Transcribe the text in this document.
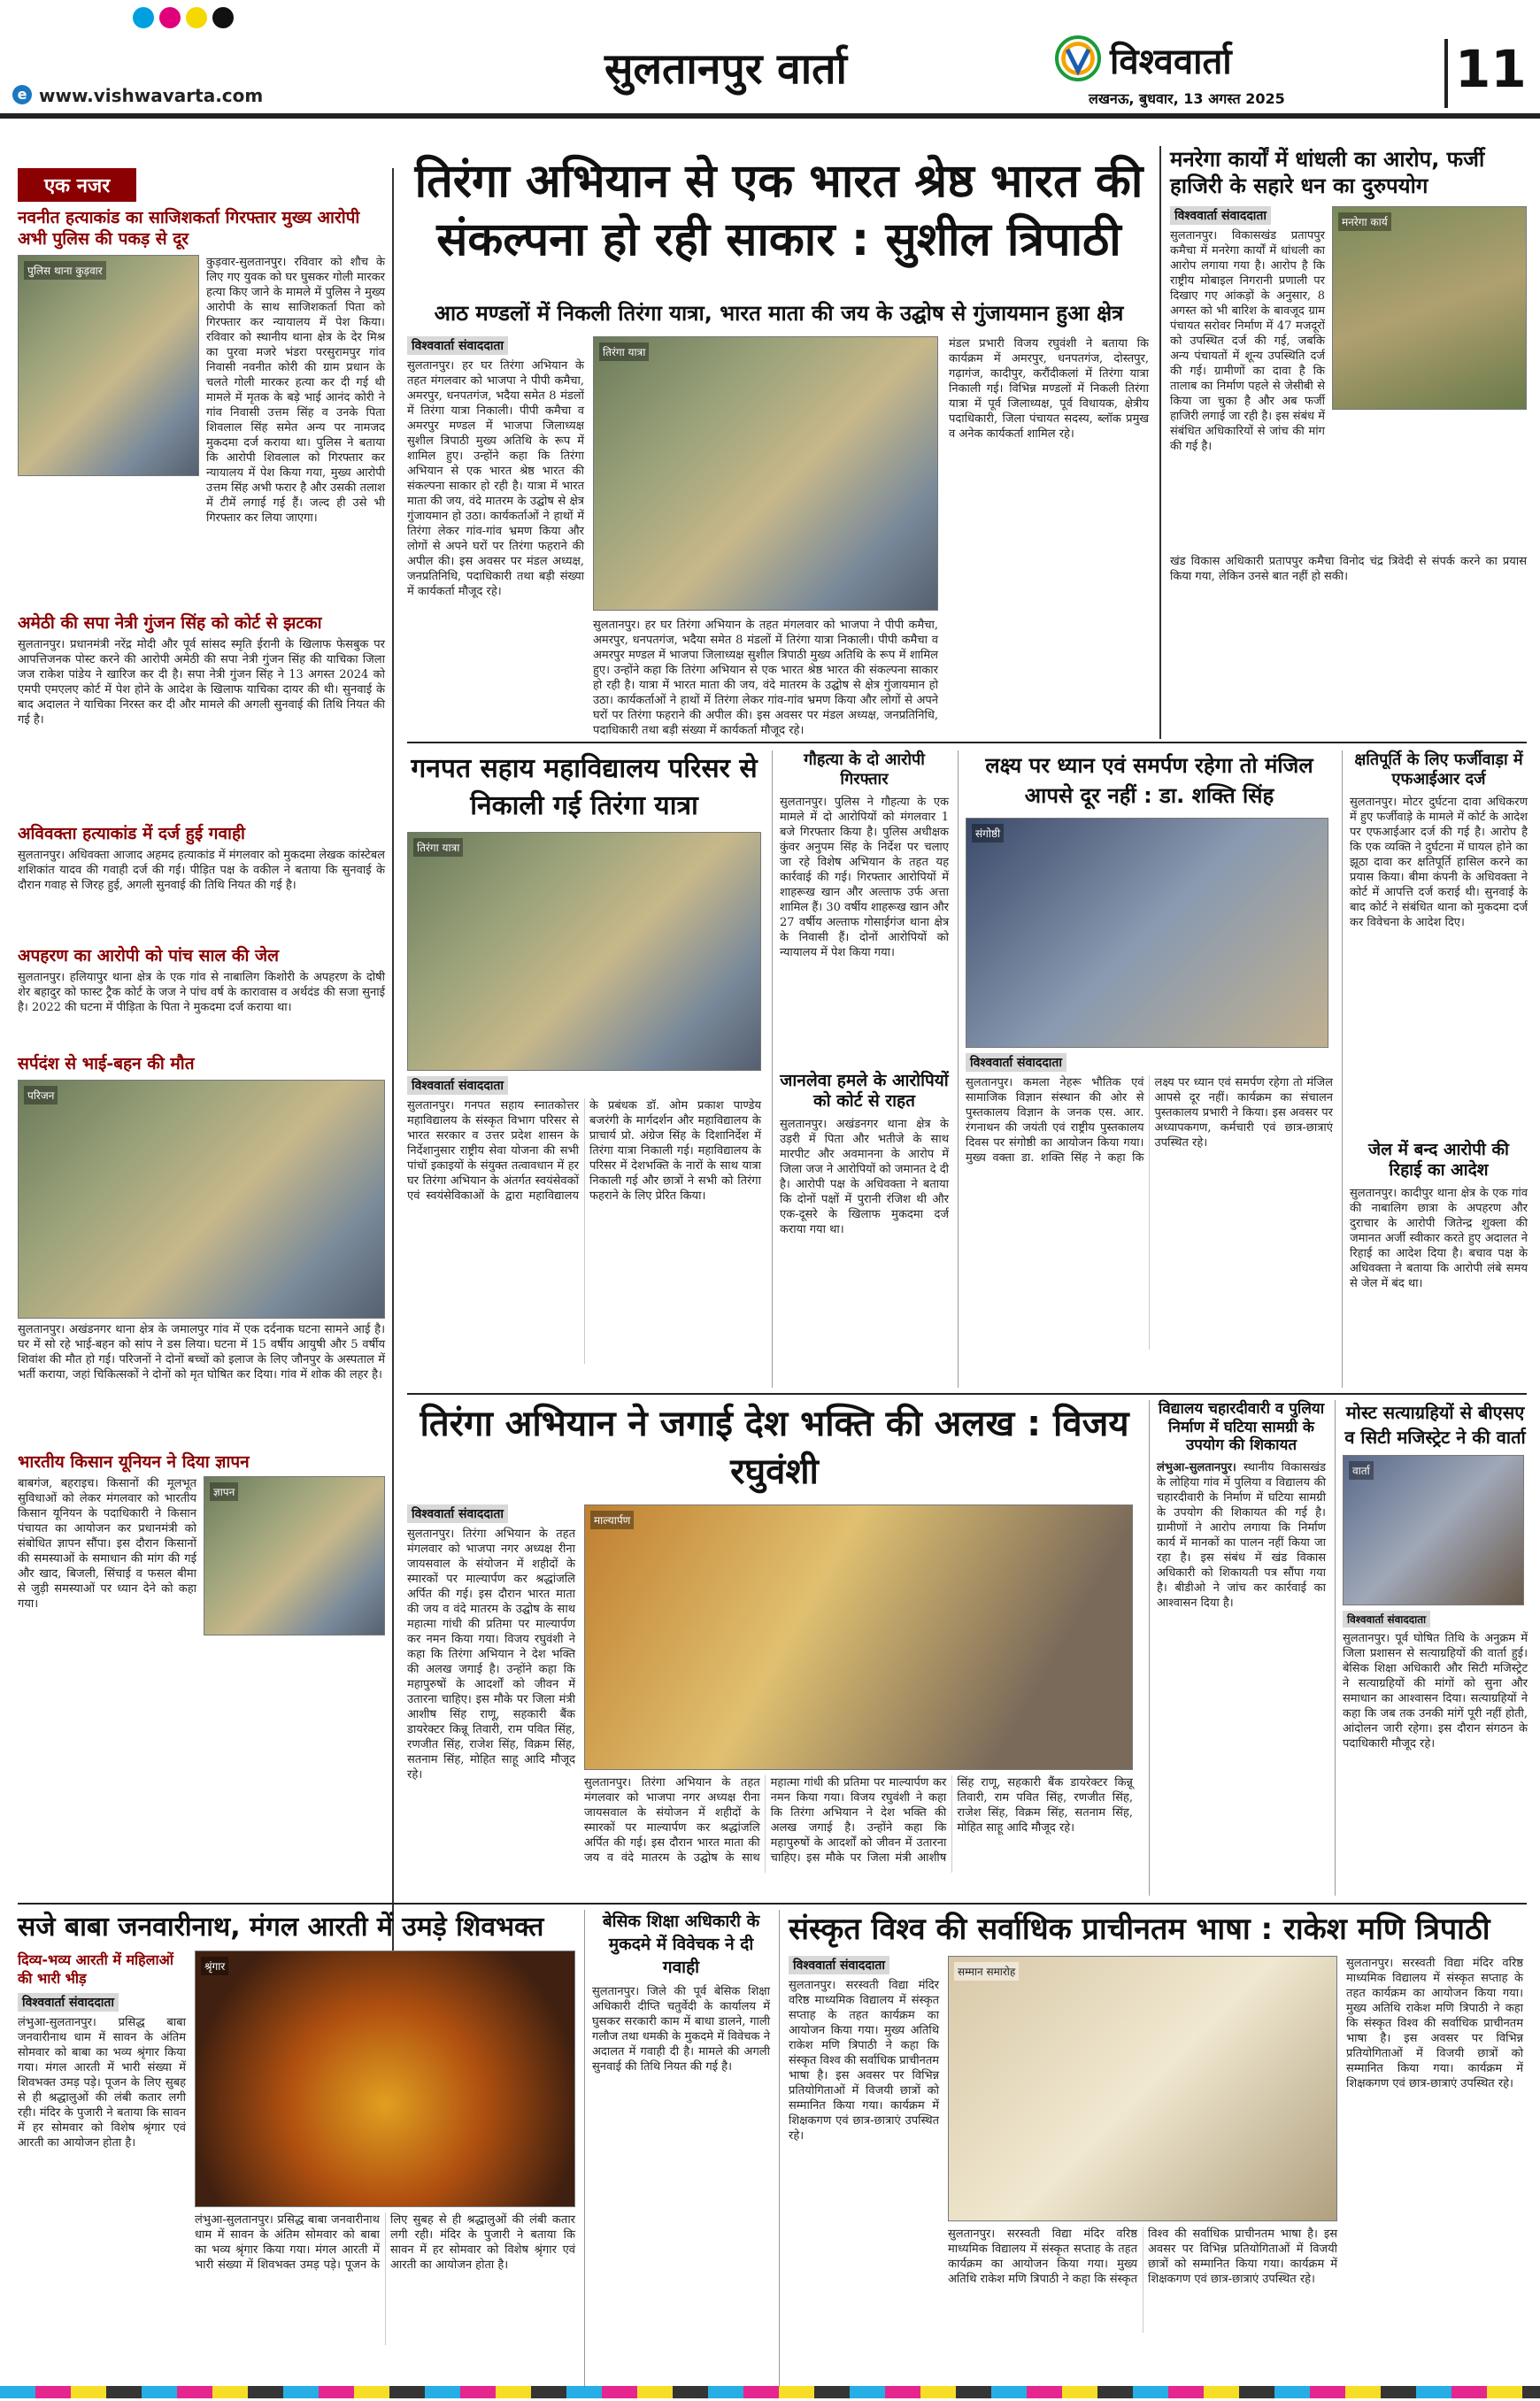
सुलतानपुर वार्ता
e www.vishwavarta.com
विश्ववार्ता
लखनऊ, बुधवार, 13 अगस्त 2025	11
एक नजर
नवनीत हत्याकांड का साजिशकर्ता गिरफ्तार मुख्य आरोपी अभी पुलिस की पकड़ से दूर
पुलिस थाना कुड़वार
कुड़वार-सुलतानपुर। रविवार को शौच के लिए गए युवक को घर घुसकर गोली मारकर हत्या किए जाने के मामले में पुलिस ने मुख्य आरोपी के साथ साजिशकर्ता पिता को गिरफ्तार कर न्यायालय में पेश किया। रविवार को स्थानीय थाना क्षेत्र के देर मिश्र का पुरवा मजरे भंडरा परसुरामपुर गांव निवासी नवनीत कोरी की ग्राम प्रधान के चलते गोली मारकर हत्या कर दी गई थी मामले में मृतक के बड़े भाई आनंद कोरी ने गांव निवासी उत्तम सिंह व उनके पिता शिवलाल सिंह समेत अन्य पर नामजद मुकदमा दर्ज कराया था। पुलिस ने बताया कि आरोपी शिवलाल को गिरफ्तार कर न्यायालय में पेश किया गया, मुख्य आरोपी उत्तम सिंह अभी फरार है और उसकी तलाश में टीमें लगाई गई हैं। जल्द ही उसे भी गिरफ्तार कर लिया जाएगा।
अमेठी की सपा नेत्री गुंजन सिंह को कोर्ट से झटका
सुलतानपुर। प्रधानमंत्री नरेंद्र मोदी और पूर्व सांसद स्मृति ईरानी के खिलाफ फेसबुक पर आपत्तिजनक पोस्ट करने की आरोपी अमेठी की सपा नेत्री गुंजन सिंह की याचिका जिला जज राकेश पांडेय ने खारिज कर दी है। सपा नेत्री गुंजन सिंह ने 13 अगस्त 2024 को एमपी एमएलए कोर्ट में पेश होने के आदेश के खिलाफ याचिका दायर की थी। सुनवाई के बाद अदालत ने याचिका निरस्त कर दी और मामले की अगली सुनवाई की तिथि नियत की गई है।
अविवक्ता हत्याकांड में दर्ज हुई गवाही
सुलतानपुर। अधिवक्ता आजाद अहमद हत्याकांड में मंगलवार को मुकदमा लेखक कांस्टेबल शशिकांत यादव की गवाही दर्ज की गई। पीड़ित पक्ष के वकील ने बताया कि सुनवाई के दौरान गवाह से जिरह हुई, अगली सुनवाई की तिथि नियत की गई है।
अपहरण का आरोपी को पांच साल की जेल
सुलतानपुर। हलियापुर थाना क्षेत्र के एक गांव से नाबालिग किशोरी के अपहरण के दोषी शेर बहादुर को फास्ट ट्रैक कोर्ट के जज ने पांच वर्ष के कारावास व अर्थदंड की सजा सुनाई है। 2022 की घटना में पीड़िता के पिता ने मुकदमा दर्ज कराया था।
सर्पदंश से भाई-बहन की मौत
परिजन
सुलतानपुर। अखंडनगर थाना क्षेत्र के जमालपुर गांव में एक दर्दनाक घटना सामने आई है। घर में सो रहे भाई-बहन को सांप ने डस लिया। घटना में 15 वर्षीय आयुषी और 5 वर्षीय शिवांश की मौत हो गई। परिजनों ने दोनों बच्चों को इलाज के लिए जौनपुर के अस्पताल में भर्ती कराया, जहां चिकित्सकों ने दोनों को मृत घोषित कर दिया। गांव में शोक की लहर है।
भारतीय किसान यूनियन ने दिया ज्ञापन
बाबगंज, बहराइच। किसानों की मूलभूत सुविधाओं को लेकर मंगलवार को भारतीय किसान यूनियन के पदाधिकारी ने किसान पंचायत का आयोजन कर प्रधानमंत्री को संबोधित ज्ञापन सौंपा। इस दौरान किसानों की समस्याओं के समाधान की मांग की गई और खाद, बिजली, सिंचाई व फसल बीमा से जुड़ी समस्याओं पर ध्यान देने को कहा गया।
ज्ञापन
तिरंगा अभियान से एक भारत श्रेष्ठ भारत की संकल्पना हो रही साकार : सुशील त्रिपाठी
आठ मण्डलों में निकली तिरंगा यात्रा, भारत माता की जय के उद्घोष से गुंजायमान हुआ क्षेत्र
विश्ववार्ता संवाददाता
सुलतानपुर। हर घर तिरंगा अभियान के तहत मंगलवार को भाजपा ने पीपी कमैचा, अमरपुर, धनपतगंज, भदैया समेत 8 मंडलों में तिरंगा यात्रा निकाली। पीपी कमैचा व अमरपुर मण्डल में भाजपा जिलाध्यक्ष सुशील त्रिपाठी मुख्य अतिथि के रूप में शामिल हुए। उन्होंने कहा कि तिरंगा अभियान से एक भारत श्रेष्ठ भारत की संकल्पना साकार हो रही है। यात्रा में भारत माता की जय, वंदे मातरम के उद्घोष से क्षेत्र गुंजायमान हो उठा। कार्यकर्ताओं ने हाथों में तिरंगा लेकर गांव-गांव भ्रमण किया और लोगों से अपने घरों पर तिरंगा फहराने की अपील की। इस अवसर पर मंडल अध्यक्ष, जनप्रतिनिधि, पदाधिकारी तथा बड़ी संख्या में कार्यकर्ता मौजूद रहे।
तिरंगा यात्रा
सुलतानपुर। हर घर तिरंगा अभियान के तहत मंगलवार को भाजपा ने पीपी कमैचा, अमरपुर, धनपतगंज, भदैया समेत 8 मंडलों में तिरंगा यात्रा निकाली। पीपी कमैचा व अमरपुर मण्डल में भाजपा जिलाध्यक्ष सुशील त्रिपाठी मुख्य अतिथि के रूप में शामिल हुए। उन्होंने कहा कि तिरंगा अभियान से एक भारत श्रेष्ठ भारत की संकल्पना साकार हो रही है। यात्रा में भारत माता की जय, वंदे मातरम के उद्घोष से क्षेत्र गुंजायमान हो उठा। कार्यकर्ताओं ने हाथों में तिरंगा लेकर गांव-गांव भ्रमण किया और लोगों से अपने घरों पर तिरंगा फहराने की अपील की। इस अवसर पर मंडल अध्यक्ष, जनप्रतिनिधि, पदाधिकारी तथा बड़ी संख्या में कार्यकर्ता मौजूद रहे।
मंडल प्रभारी विजय रघुवंशी ने बताया कि कार्यक्रम में अमरपुर, धनपतगंज, दोस्तपुर, गढ़ागंज, कादीपुर, करौंदीकलां में तिरंगा यात्रा निकाली गई। विभिन्न मण्डलों में निकली तिरंगा यात्रा में पूर्व जिलाध्यक्ष, पूर्व विधायक, क्षेत्रीय पदाधिकारी, जिला पंचायत सदस्य, ब्लॉक प्रमुख व अनेक कार्यकर्ता शामिल रहे।
मनरेगा कार्यों में धांधली का आरोप, फर्जी हाजिरी के सहारे धन का दुरुपयोग
विश्ववार्ता संवाददाता
सुलतानपुर। विकासखंड प्रतापपुर कमैचा में मनरेगा कार्यों में धांधली का आरोप लगाया गया है। आरोप है कि राष्ट्रीय मोबाइल निगरानी प्रणाली पर दिखाए गए आंकड़ों के अनुसार, 8 अगस्त को भी बारिश के बावजूद ग्राम पंचायत सरोवर निर्माण में 47 मजदूरों को उपस्थित दर्ज की गई, जबकि अन्य पंचायतों में शून्य उपस्थिति दर्ज की गई। ग्रामीणों का दावा है कि तालाब का निर्माण पहले से जेसीबी से किया जा चुका है और अब फर्जी हाजिरी लगाई जा रही है। इस संबंध में संबंधित अधिकारियों से जांच की मांग की गई है।
मनरेगा कार्य
खंड विकास अधिकारी प्रतापपुर कमैचा विनोद चंद्र त्रिवेदी से संपर्क करने का प्रयास किया गया, लेकिन उनसे बात नहीं हो सकी।
गनपत सहाय महाविद्यालय परिसर से निकाली गई तिरंगा यात्रा
तिरंगा यात्रा
विश्ववार्ता संवाददाता
सुलतानपुर। गनपत सहाय स्नातकोत्तर महाविद्यालय के संस्कृत विभाग परिसर से भारत सरकार व उत्तर प्रदेश शासन के निर्देशानुसार राष्ट्रीय सेवा योजना की सभी पांचों इकाइयों के संयुक्त तत्वावधान में हर घर तिरंगा अभियान के अंतर्गत स्वयंसेवकों एवं स्वयंसेविकाओं के द्वारा महाविद्यालय के प्रबंधक डॉ. ओम प्रकाश पाण्डेय बजरंगी के मार्गदर्शन और महाविद्यालय के प्राचार्य प्रो. अंग्रेज सिंह के दिशानिर्देश में तिरंगा यात्रा निकाली गई। महाविद्यालय के परिसर में देशभक्ति के नारों के साथ यात्रा निकाली गई और छात्रों ने सभी को तिरंगा फहराने के लिए प्रेरित किया।
गौहत्या के दो आरोपी गिरफ्तार
सुलतानपुर। पुलिस ने गौहत्या के एक मामले में दो आरोपियों को मंगलवार 1 बजे गिरफ्तार किया है। पुलिस अधीक्षक कुंवर अनुपम सिंह के निर्देश पर चलाए जा रहे विशेष अभियान के तहत यह कार्रवाई की गई। गिरफ्तार आरोपियों में शाहरूख खान और अल्ताफ उर्फ अत्ता शामिल हैं। 30 वर्षीय शाहरूख खान और 27 वर्षीय अल्ताफ गोसाईगंज थाना क्षेत्र के निवासी हैं। दोनों आरोपियों को न्यायालय में पेश किया गया।
जानलेवा हमले के आरोपियों को कोर्ट से राहत
सुलतानपुर। अखंडनगर थाना क्षेत्र के उड़री में पिता और भतीजे के साथ मारपीट और अवमानना के आरोप में जिला जज ने आरोपियों को जमानत दे दी है। आरोपी पक्ष के अधिवक्ता ने बताया कि दोनों पक्षों में पुरानी रंजिश थी और एक-दूसरे के खिलाफ मुकदमा दर्ज कराया गया था।
लक्ष्य पर ध्यान एवं समर्पण रहेगा तो मंजिल आपसे दूर नहीं : डा. शक्ति सिंह
संगोष्ठी
विश्ववार्ता संवाददाता
सुलतानपुर। कमला नेहरू भौतिक एवं सामाजिक विज्ञान संस्थान की ओर से पुस्तकालय विज्ञान के जनक एस. आर. रंगनाथन की जयंती एवं राष्ट्रीय पुस्तकालय दिवस पर संगोष्ठी का आयोजन किया गया। मुख्य वक्ता डा. शक्ति सिंह ने कहा कि लक्ष्य पर ध्यान एवं समर्पण रहेगा तो मंजिल आपसे दूर नहीं। कार्यक्रम का संचालन पुस्तकालय प्रभारी ने किया। इस अवसर पर अध्यापकगण, कर्मचारी एवं छात्र-छात्राएं उपस्थित रहे।
क्षतिपूर्ति के लिए फर्जीवाड़ा में एफआईआर दर्ज
सुलतानपुर। मोटर दुर्घटना दावा अधिकरण में हुए फर्जीवाड़े के मामले में कोर्ट के आदेश पर एफआईआर दर्ज की गई है। आरोप है कि एक व्यक्ति ने दुर्घटना में घायल होने का झूठा दावा कर क्षतिपूर्ति हासिल करने का प्रयास किया। बीमा कंपनी के अधिवक्ता ने कोर्ट में आपत्ति दर्ज कराई थी। सुनवाई के बाद कोर्ट ने संबंधित थाना को मुकदमा दर्ज कर विवेचना के आदेश दिए।
जेल में बन्द आरोपी की रिहाई का आदेश
सुलतानपुर। कादीपुर थाना क्षेत्र के एक गांव की नाबालिग छात्रा के अपहरण और दुराचार के आरोपी जितेन्द्र शुक्ला की जमानत अर्जी स्वीकार करते हुए अदालत ने रिहाई का आदेश दिया है। बचाव पक्ष के अधिवक्ता ने बताया कि आरोपी लंबे समय से जेल में बंद था।
तिरंगा अभियान ने जगाई देश भक्ति की अलख : विजय रघुवंशी
विश्ववार्ता संवाददाता
सुलतानपुर। तिरंगा अभियान के तहत मंगलवार को भाजपा नगर अध्यक्ष रीना जायसवाल के संयोजन में शहीदों के स्मारकों पर माल्यार्पण कर श्रद्धांजलि अर्पित की गई। इस दौरान भारत माता की जय व वंदे मातरम के उद्घोष के साथ महात्मा गांधी की प्रतिमा पर माल्यार्पण कर नमन किया गया। विजय रघुवंशी ने कहा कि तिरंगा अभियान ने देश भक्ति की अलख जगाई है। उन्होंने कहा कि महापुरुषों के आदर्शों को जीवन में उतारना चाहिए। इस मौके पर जिला मंत्री आशीष सिंह राणू, सहकारी बैंक डायरेक्टर किन्नू तिवारी, राम पवित सिंह, रणजीत सिंह, राजेश सिंह, विक्रम सिंह, सतनाम सिंह, मोहित साहू आदि मौजूद रहे।
माल्यार्पण
सुलतानपुर। तिरंगा अभियान के तहत मंगलवार को भाजपा नगर अध्यक्ष रीना जायसवाल के संयोजन में शहीदों के स्मारकों पर माल्यार्पण कर श्रद्धांजलि अर्पित की गई। इस दौरान भारत माता की जय व वंदे मातरम के उद्घोष के साथ महात्मा गांधी की प्रतिमा पर माल्यार्पण कर नमन किया गया। विजय रघुवंशी ने कहा कि तिरंगा अभियान ने देश भक्ति की अलख जगाई है। उन्होंने कहा कि महापुरुषों के आदर्शों को जीवन में उतारना चाहिए। इस मौके पर जिला मंत्री आशीष सिंह राणू, सहकारी बैंक डायरेक्टर किन्नू तिवारी, राम पवित सिंह, रणजीत सिंह, राजेश सिंह, विक्रम सिंह, सतनाम सिंह, मोहित साहू आदि मौजूद रहे।
विद्यालय चहारदीवारी व पुलिया निर्माण में घटिया सामग्री के उपयोग की शिकायत
लंभुआ-सुलतानपुर। स्थानीय विकासखंड के लोहिया गांव में पुलिया व विद्यालय की चहारदीवारी के निर्माण में घटिया सामग्री के उपयोग की शिकायत की गई है। ग्रामीणों ने आरोप लगाया कि निर्माण कार्य में मानकों का पालन नहीं किया जा रहा है। इस संबंध में खंड विकास अधिकारी को शिकायती पत्र सौंपा गया है। बीडीओ ने जांच कर कार्रवाई का आश्वासन दिया है।
मोस्ट सत्याग्रहियों से बीएसए व सिटी मजिस्ट्रेट ने की वार्ता
वार्ता
विश्ववार्ता संवाददाता
सुलतानपुर। पूर्व घोषित तिथि के अनुक्रम में जिला प्रशासन से सत्याग्रहियों की वार्ता हुई। बेसिक शिक्षा अधिकारी और सिटी मजिस्ट्रेट ने सत्याग्रहियों की मांगों को सुना और समाधान का आश्वासन दिया। सत्याग्रहियों ने कहा कि जब तक उनकी मांगें पूरी नहीं होती, आंदोलन जारी रहेगा। इस दौरान संगठन के पदाधिकारी मौजूद रहे।
सजे बाबा जनवारीनाथ, मंगल आरती में उमड़े शिवभक्त
दिव्य-भव्य आरती में महिलाओं की भारी भीड़
विश्ववार्ता संवाददाता
लंभुआ-सुलतानपुर। प्रसिद्ध बाबा जनवारीनाथ धाम में सावन के अंतिम सोमवार को बाबा का भव्य श्रृंगार किया गया। मंगल आरती में भारी संख्या में शिवभक्त उमड़ पड़े। पूजन के लिए सुबह से ही श्रद्धालुओं की लंबी कतार लगी रही। मंदिर के पुजारी ने बताया कि सावन में हर सोमवार को विशेष श्रृंगार एवं आरती का आयोजन होता है।
श्रृंगार
लंभुआ-सुलतानपुर। प्रसिद्ध बाबा जनवारीनाथ धाम में सावन के अंतिम सोमवार को बाबा का भव्य श्रृंगार किया गया। मंगल आरती में भारी संख्या में शिवभक्त उमड़ पड़े। पूजन के लिए सुबह से ही श्रद्धालुओं की लंबी कतार लगी रही। मंदिर के पुजारी ने बताया कि सावन में हर सोमवार को विशेष श्रृंगार एवं आरती का आयोजन होता है।
बेसिक शिक्षा अधिकारी के मुकदमे में विवेचक ने दी गवाही
सुलतानपुर। जिले की पूर्व बेसिक शिक्षा अधिकारी दीप्ति चतुर्वेदी के कार्यालय में घुसकर सरकारी काम में बाधा डालने, गाली गलौज तथा धमकी के मुकदमे में विवेचक ने अदालत में गवाही दी है। मामले की अगली सुनवाई की तिथि नियत की गई है।
संस्कृत विश्व की सर्वाधिक प्राचीनतम भाषा : राकेश मणि त्रिपाठी
विश्ववार्ता संवाददाता
सुलतानपुर। सरस्वती विद्या मंदिर वरिष्ठ माध्यमिक विद्यालय में संस्कृत सप्ताह के तहत कार्यक्रम का आयोजन किया गया। मुख्य अतिथि राकेश मणि त्रिपाठी ने कहा कि संस्कृत विश्व की सर्वाधिक प्राचीनतम भाषा है। इस अवसर पर विभिन्न प्रतियोगिताओं में विजयी छात्रों को सम्मानित किया गया। कार्यक्रम में शिक्षकगण एवं छात्र-छात्राएं उपस्थित रहे।
सम्मान समारोह
सुलतानपुर। सरस्वती विद्या मंदिर वरिष्ठ माध्यमिक विद्यालय में संस्कृत सप्ताह के तहत कार्यक्रम का आयोजन किया गया। मुख्य अतिथि राकेश मणि त्रिपाठी ने कहा कि संस्कृत विश्व की सर्वाधिक प्राचीनतम भाषा है। इस अवसर पर विभिन्न प्रतियोगिताओं में विजयी छात्रों को सम्मानित किया गया। कार्यक्रम में शिक्षकगण एवं छात्र-छात्राएं उपस्थित रहे।
सुलतानपुर। सरस्वती विद्या मंदिर वरिष्ठ माध्यमिक विद्यालय में संस्कृत सप्ताह के तहत कार्यक्रम का आयोजन किया गया। मुख्य अतिथि राकेश मणि त्रिपाठी ने कहा कि संस्कृत विश्व की सर्वाधिक प्राचीनतम भाषा है। इस अवसर पर विभिन्न प्रतियोगिताओं में विजयी छात्रों को सम्मानित किया गया। कार्यक्रम में शिक्षकगण एवं छात्र-छात्राएं उपस्थित रहे।
